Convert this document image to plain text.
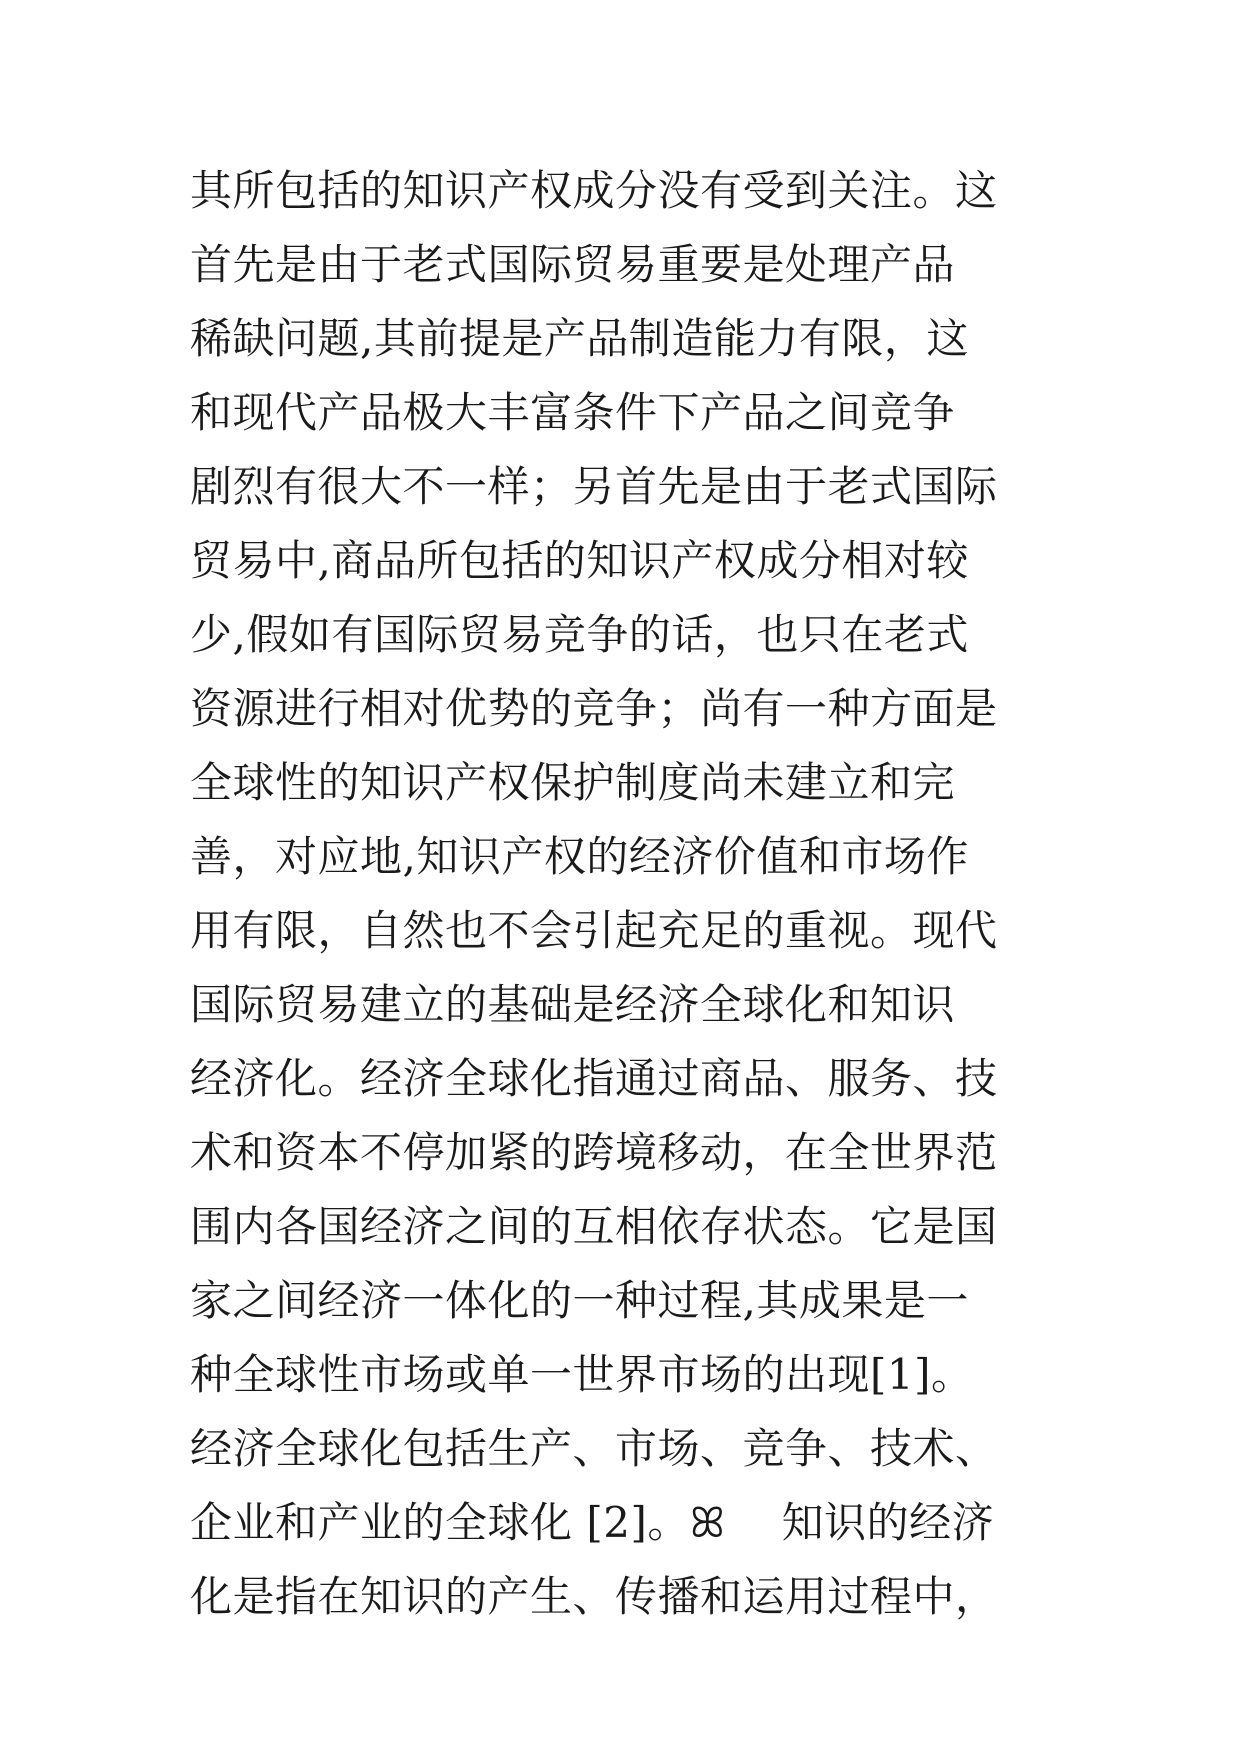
其所包括的知识产权成分没有受到关注。这
首先是由于老式国际贸易重要是处理产品
稀缺问题,其前提是产品制造能力有限，这
和现代产品极大丰富条件下产品之间竞争
剧烈有很大不一样；另首先是由于老式国际
贸易中,商品所包括的知识产权成分相对较
少,假如有国际贸易竞争的话，也只在老式
资源进行相对优势的竞争；尚有一种方面是
全球性的知识产权保护制度尚未建立和完
善，对应地,知识产权的经济价值和市场作
用有限，自然也不会引起充足的重视。现代
国际贸易建立的基础是经济全球化和知识
经济化。经济全球化指通过商品、服务、技
术和资本不停加紧的跨境移动，在全世界范
围内各国经济之间的互相依存状态。它是国
家之间经济一体化的一种过程,其成果是一
种全球性市场或单一世界市场的出现[1]。
经济全球化包括生产、市场、竞争、技术、
企业和产业的全球化 [2]。ꕤ　 知识的经济
化是指在知识的产生、传播和运用过程中，
